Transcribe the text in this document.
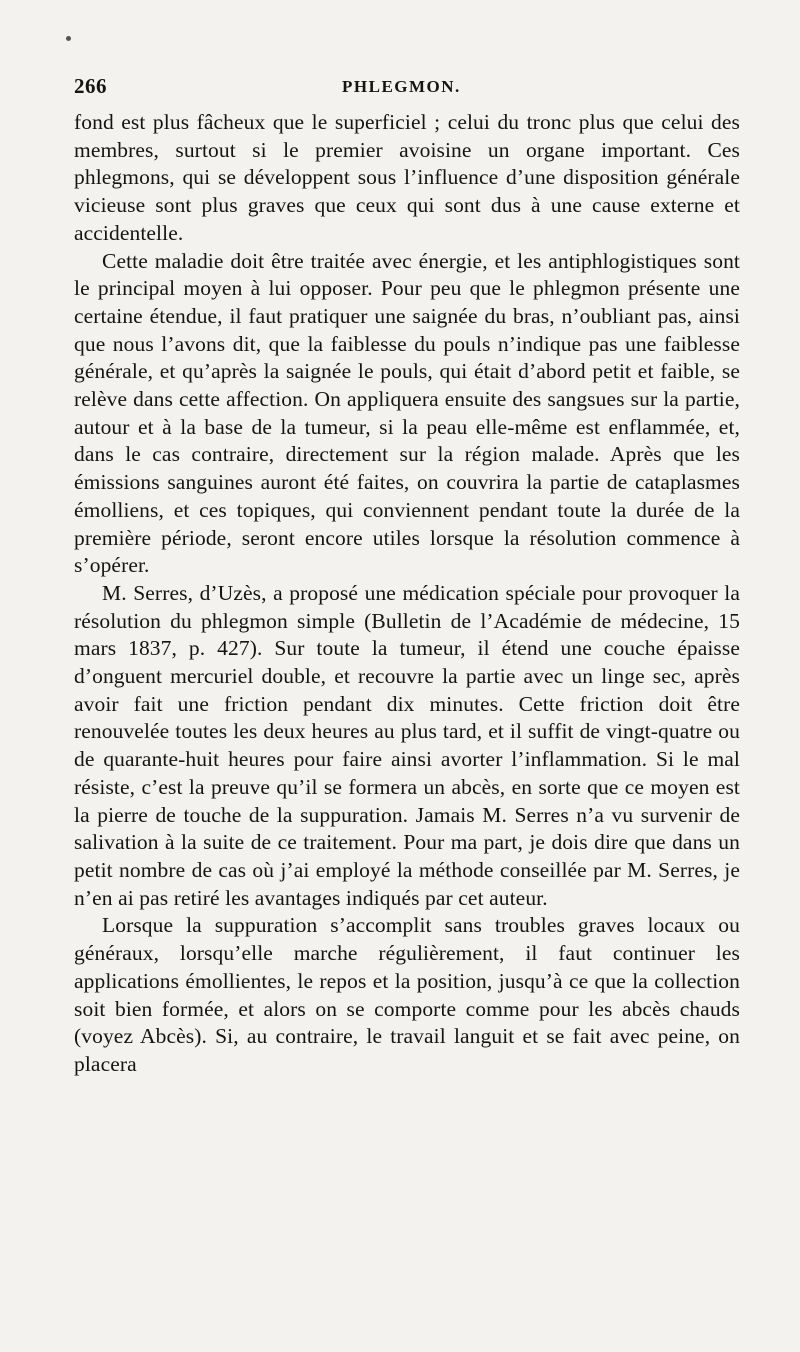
266	PHLEGMON.

fond est plus fâcheux que le superficiel ; celui du tronc plus que celui des membres, surtout si le premier avoisine un organe important. Ces phlegmons, qui se développent sous l’influence d’une disposition générale vicieuse sont plus graves que ceux qui sont dus à une cause externe et accidentelle.

Cette maladie doit être traitée avec énergie, et les antiphlogistiques sont le principal moyen à lui opposer. Pour peu que le phlegmon présente une certaine étendue, il faut pratiquer une saignée du bras, n’oubliant pas, ainsi que nous l’avons dit, que la faiblesse du pouls n’indique pas une faiblesse générale, et qu’après la saignée le pouls, qui était d’abord petit et faible, se relève dans cette affection. On appliquera ensuite des sangsues sur la partie, autour et à la base de la tumeur, si la peau elle-même est enflammée, et, dans le cas contraire, directement sur la région malade. Après que les émissions sanguines auront été faites, on couvrira la partie de cataplasmes émolliens, et ces topiques, qui conviennent pendant toute la durée de la première période, seront encore utiles lorsque la résolution commence à s’opérer.

M. Serres, d’Uzès, a proposé une médication spéciale pour provoquer la résolution du phlegmon simple (Bulletin de l’Académie de médecine, 15 mars 1837, p. 427). Sur toute la tumeur, il étend une couche épaisse d’onguent mercuriel double, et recouvre la partie avec un linge sec, après avoir fait une friction pendant dix minutes. Cette friction doit être renouvelée toutes les deux heures au plus tard, et il suffit de vingt-quatre ou de quarante-huit heures pour faire ainsi avorter l’inflammation. Si le mal résiste, c’est la preuve qu’il se formera un abcès, en sorte que ce moyen est la pierre de touche de la suppuration. Jamais M. Serres n’a vu survenir de salivation à la suite de ce traitement. Pour ma part, je dois dire que dans un petit nombre de cas où j’ai employé la méthode conseillée par M. Serres, je n’en ai pas retiré les avantages indiqués par cet auteur.

Lorsque la suppuration s’accomplit sans troubles graves locaux ou généraux, lorsqu’elle marche régulièrement, il faut continuer les applications émollientes, le repos et la position, jusqu’à ce que la collection soit bien formée, et alors on se comporte comme pour les abcès chauds (voyez Abcès). Si, au contraire, le travail languit et se fait avec peine, on placera
